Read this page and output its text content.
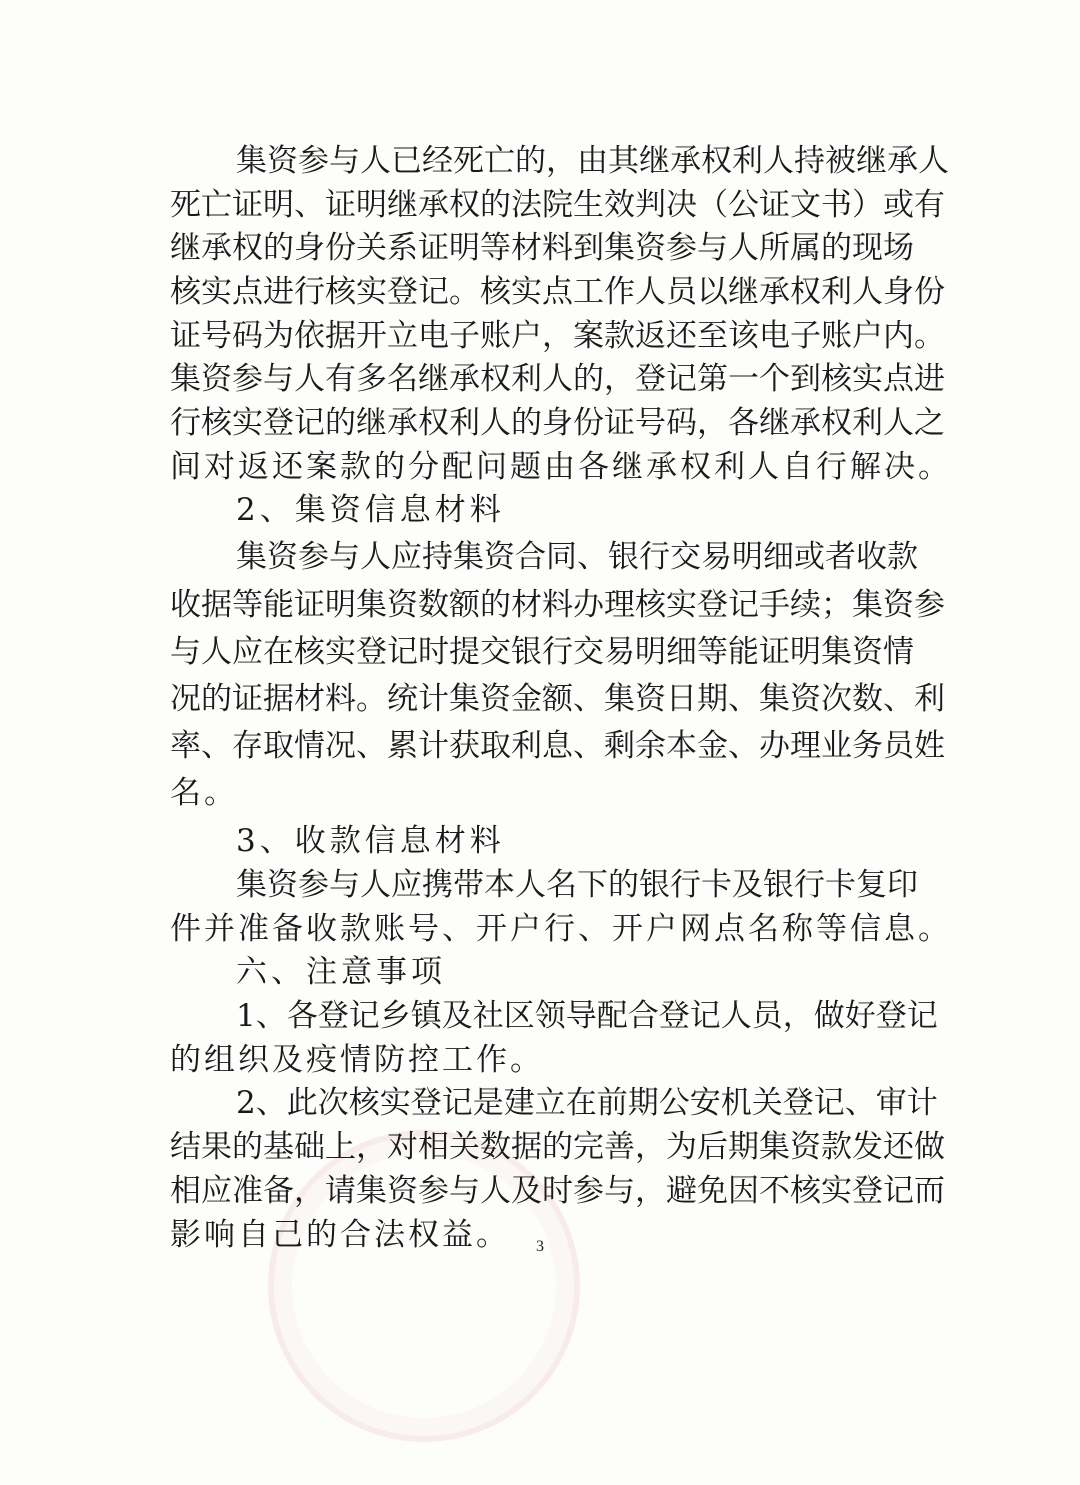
集资参与人已经死亡的，由其继承权利人持被继承人
死亡证明、证明继承权的法院生效判决（公证文书）或有
继承权的身份关系证明等材料到集资参与人所属的现场
核实点进行核实登记。核实点工作人员以继承权利人身份
证号码为依据开立电子账户，案款返还至该电子账户内。
集资参与人有多名继承权利人的，登记第一个到核实点进
行核实登记的继承权利人的身份证号码，各继承权利人之
间对返还案款的分配问题由各继承权利人自行解决。
2、集资信息材料
集资参与人应持集资合同、银行交易明细或者收款
收据等能证明集资数额的材料办理核实登记手续；集资参
与人应在核实登记时提交银行交易明细等能证明集资情
况的证据材料。统计集资金额、集资日期、集资次数、利
率、存取情况、累计获取利息、剩余本金、办理业务员姓
名。
3、收款信息材料
集资参与人应携带本人名下的银行卡及银行卡复印
件并准备收款账号、开户行、开户网点名称等信息。
六、注意事项
1、各登记乡镇及社区领导配合登记人员，做好登记
的组织及疫情防控工作。
2、此次核实登记是建立在前期公安机关登记、审计
结果的基础上，对相关数据的完善，为后期集资款发还做
相应准备，请集资参与人及时参与，避免因不核实登记而
影响自己的合法权益。	3
